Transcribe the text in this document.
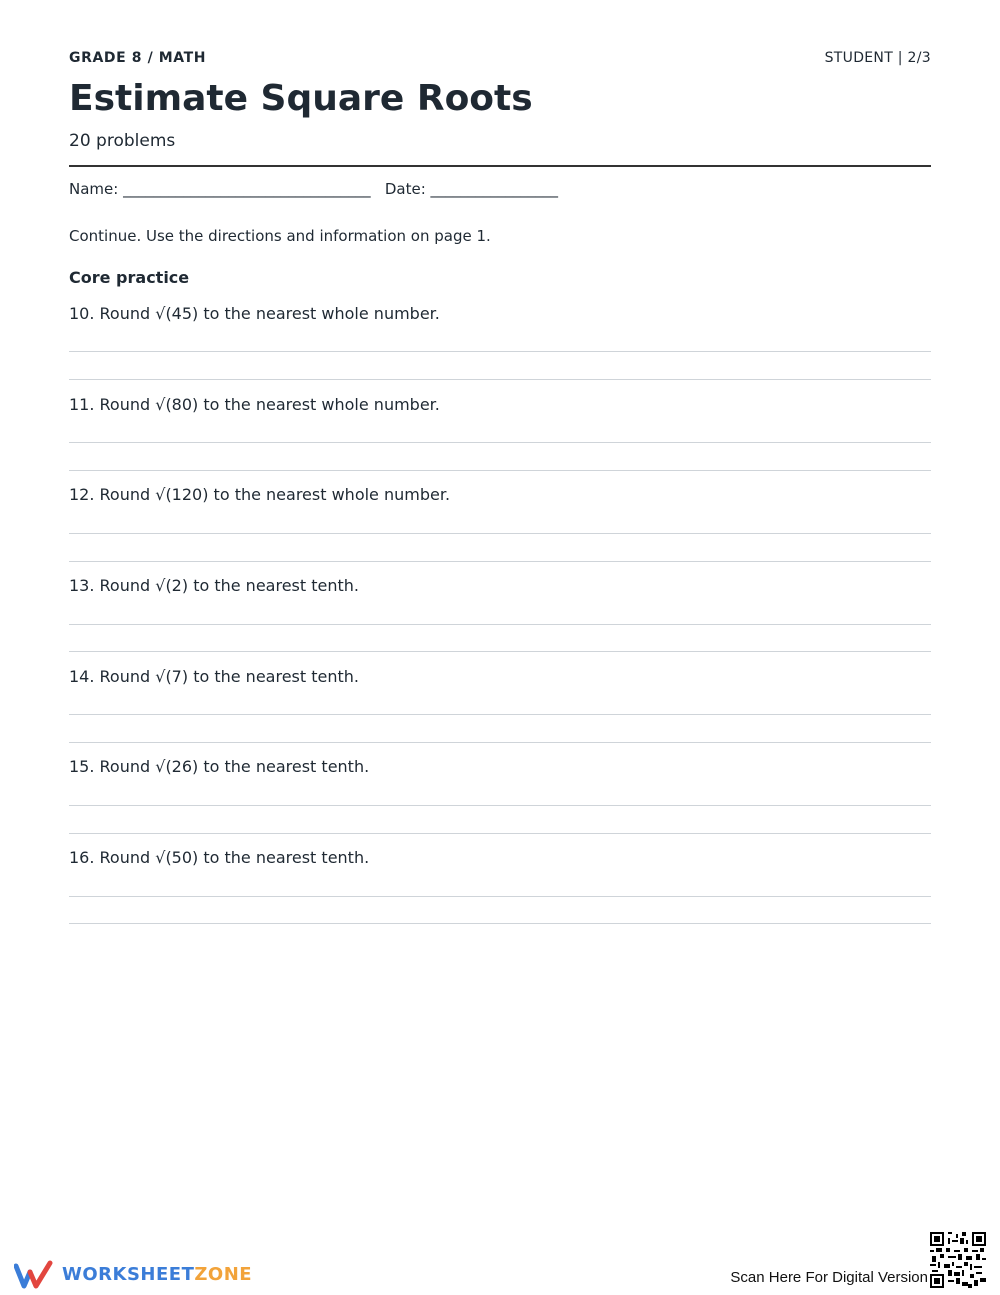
GRADE 8 / MATH	STUDENT | 2/3
Estimate Square Roots
20 problems
Name: _________________________________   Date: _________________
Continue. Use the directions and information on page 1.
Core practice
10. Round √(45) to the nearest whole number.
11. Round √(80) to the nearest whole number.
12. Round √(120) to the nearest whole number.
13. Round √(2) to the nearest tenth.
14. Round √(7) to the nearest tenth.
15. Round √(26) to the nearest tenth.
16. Round √(50) to the nearest tenth.
WORKSHEETZONE	Scan Here For Digital Version
